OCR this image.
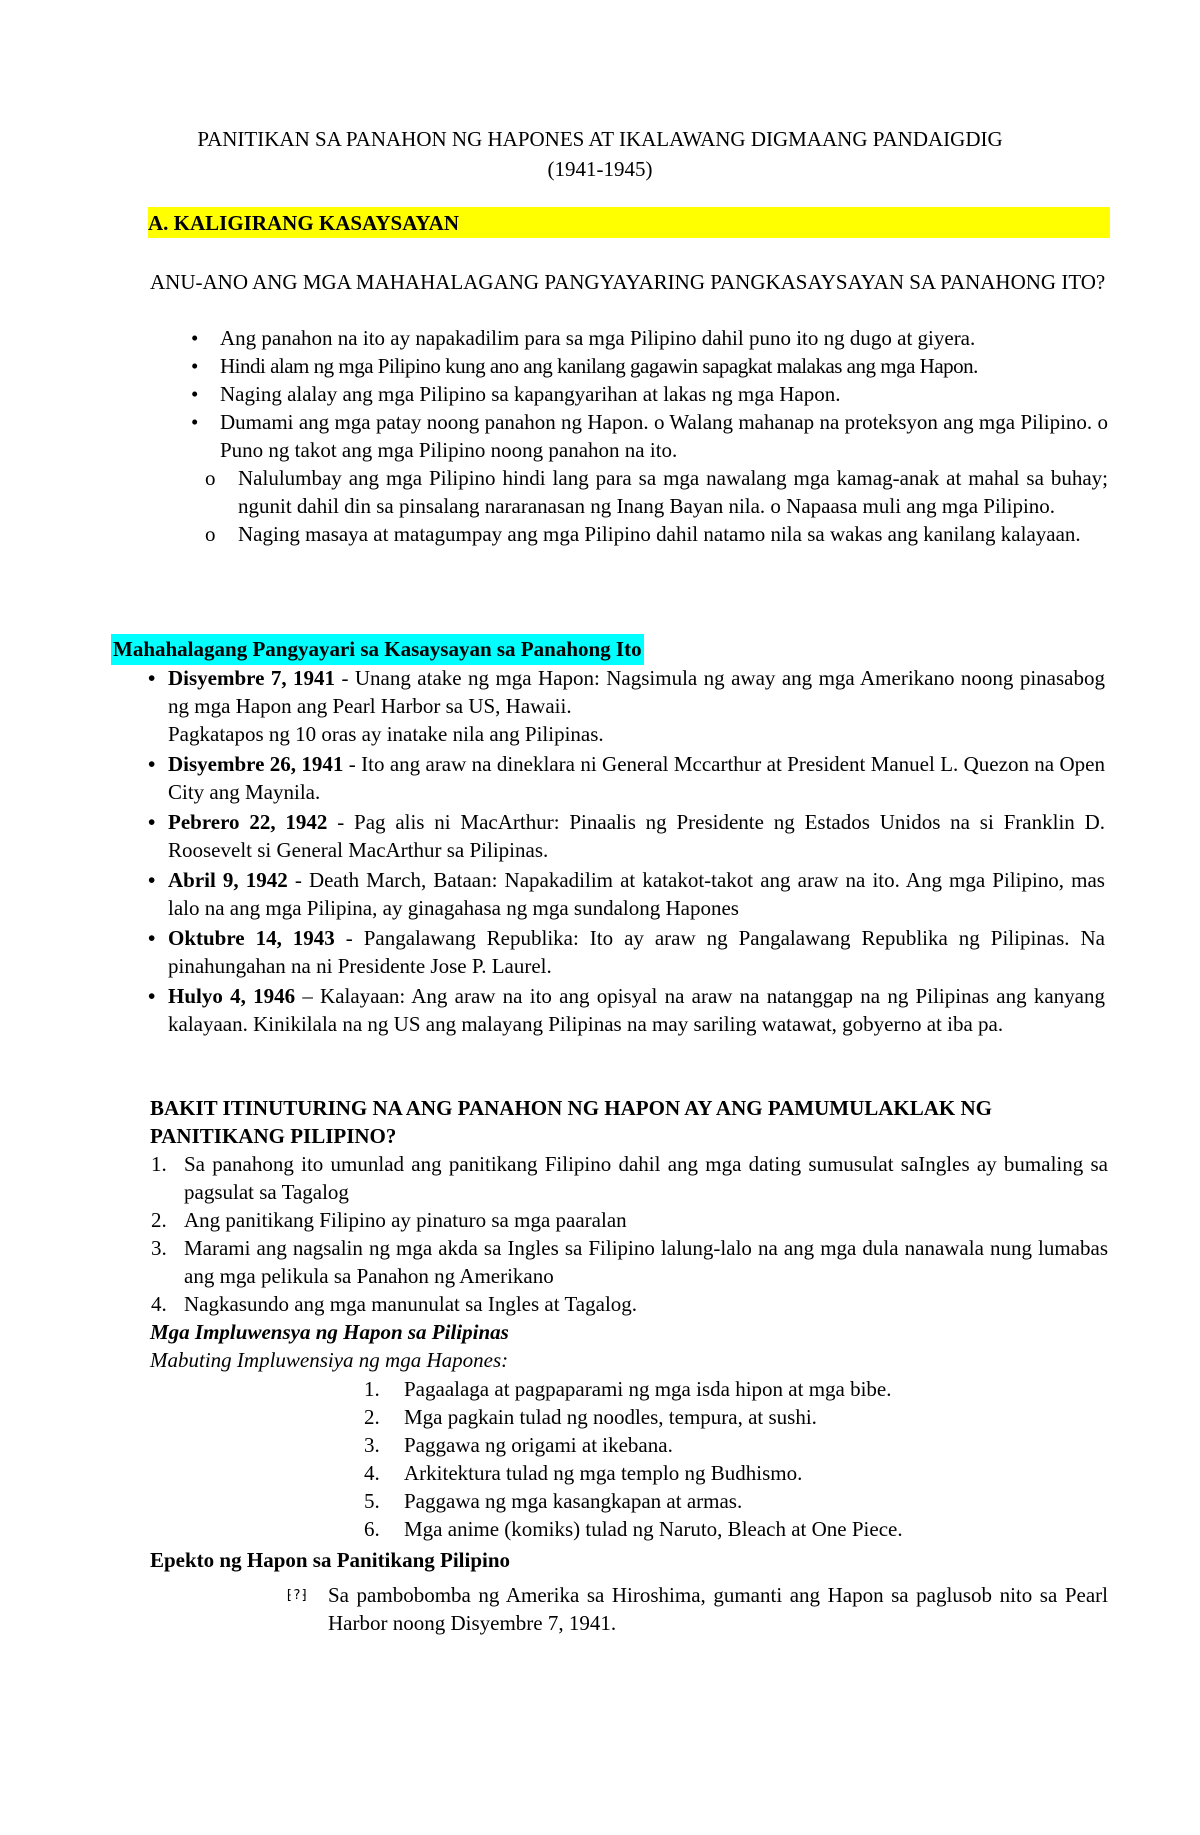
PANITIKAN SA PANAHON NG HAPONES AT IKALAWANG DIGMAANG PANDAIGDIG
(1941-1945)
A. KALIGIRANG KASAYSAYAN
ANU-ANO ANG MGA MAHAHALAGANG PANGYAYARING PANGKASAYSAYAN SA PANAHONG ITO?
• Ang panahon na ito ay napakadilim para sa mga Pilipino dahil puno ito ng dugo at giyera.
• Hindi alam ng mga Pilipino kung ano ang kanilang gagawin sapagkat malakas ang mga Hapon.
• Naging alalay ang mga Pilipino sa kapangyarihan at lakas ng mga Hapon.
• Dumami ang mga patay noong panahon ng Hapon. o Walang mahanap na proteksyon ang mga Pilipino. o Puno ng takot ang mga Pilipino noong panahon na ito.
o Nalulumbay ang mga Pilipino hindi lang para sa mga nawalang mga kamag-anak at mahal sa buhay; ngunit dahil din sa pinsalang nararanasan ng Inang Bayan nila. o Napaasa muli ang mga Pilipino.
o Naging masaya at matagumpay ang mga Pilipino dahil natamo nila sa wakas ang kanilang kalayaan.
Mahahalagang Pangyayari sa Kasaysayan sa Panahong Ito
• Disyembre 7, 1941 - Unang atake ng mga Hapon: Nagsimula ng away ang mga Amerikano noong pinasabog ng mga Hapon ang Pearl Harbor sa US, Hawaii.
Pagkatapos ng 10 oras ay inatake nila ang Pilipinas.
• Disyembre 26, 1941 - Ito ang araw na dineklara ni General Mccarthur at President Manuel L. Quezon na Open City ang Maynila.
• Pebrero 22, 1942 - Pag alis ni MacArthur: Pinaalis ng Presidente ng Estados Unidos na si Franklin D. Roosevelt si General MacArthur sa Pilipinas.
• Abril 9, 1942 - Death March, Bataan: Napakadilim at katakot-takot ang araw na ito. Ang mga Pilipino, mas lalo na ang mga Pilipina, ay ginagahasa ng mga sundalong Hapones
• Oktubre 14, 1943 - Pangalawang Republika: Ito ay araw ng Pangalawang Republika ng Pilipinas. Na pinahungahan na ni Presidente Jose P. Laurel.
• Hulyo 4, 1946 – Kalayaan: Ang araw na ito ang opisyal na araw na natanggap na ng Pilipinas ang kanyang kalayaan. Kinikilala na ng US ang malayang Pilipinas na may sariling watawat, gobyerno at iba pa.
BAKIT ITINUTURING NA ANG PANAHON NG HAPON AY ANG PAMUMULAKLAK NG PANITIKANG PILIPINO?
1. Sa panahong ito umunlad ang panitikang Filipino dahil ang mga dating sumusulat saIngles ay bumaling sa pagsulat sa Tagalog
2. Ang panitikang Filipino ay pinaturo sa mga paaralan
3. Marami ang nagsalin ng mga akda sa Ingles sa Filipino lalung-lalo na ang mga dula nanawala nung lumabas ang mga pelikula sa Panahon ng Amerikano
4. Nagkasundo ang mga manunulat sa Ingles at Tagalog.
Mga Impluwensya ng Hapon sa Pilipinas
Mabuting Impluwensiya ng mga Hapones:
1. Pagaalaga at pagpaparami ng mga isda hipon at mga bibe.
2. Mga pagkain tulad ng noodles, tempura, at sushi.
3. Paggawa ng origami at ikebana.
4. Arkitektura tulad ng mga templo ng Budhismo.
5. Paggawa ng mga kasangkapan at armas.
6. Mga anime (komiks) tulad ng Naruto, Bleach at One Piece.
Epekto ng Hapon sa Panitikang Pilipino
⁅?⁆ Sa pambobomba ng Amerika sa Hiroshima, gumanti ang Hapon sa paglusob nito sa Pearl Harbor noong Disyembre 7, 1941.
